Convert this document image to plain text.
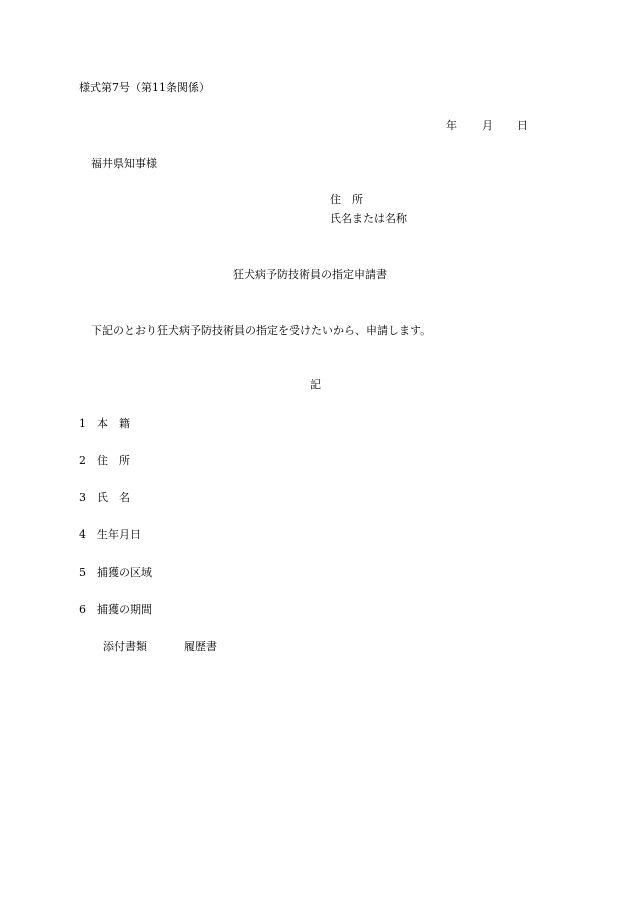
様式第7号（第11条関係）

年 月 日

福井県知事様

住　所

氏名または名称

狂犬病予防技術員の指定申請書

下記のとおり狂犬病予防技術員の指定を受けたいから、申請します。

記

1 本　籍

2 住　所

3 氏　名

4 生年月日

5 捕獲の区域

6 捕獲の期間

添付書類	履歴書
